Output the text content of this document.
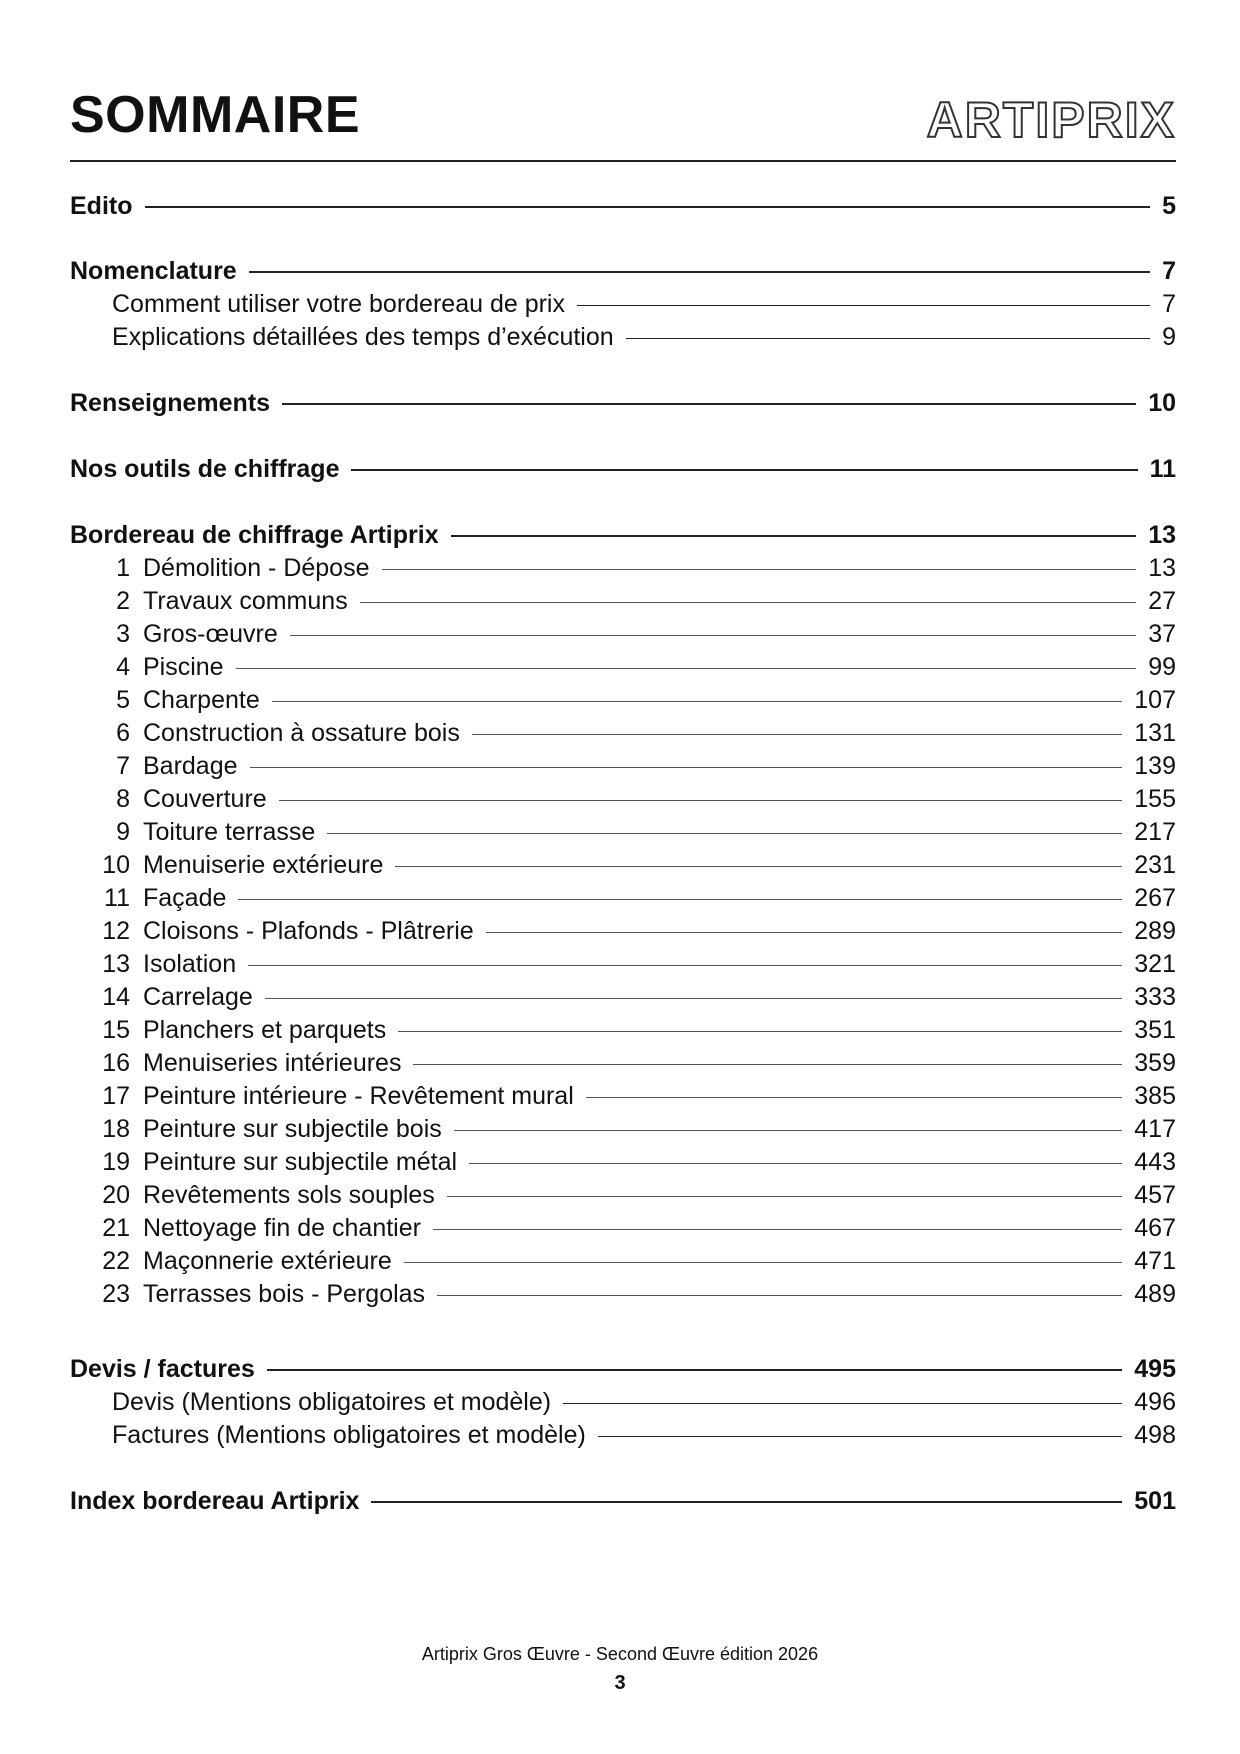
SOMMAIRE	ARTIPRIX
Edito	5
Nomenclature	7
Comment utiliser votre bordereau de prix	7
Explications détaillées des temps d’exécution	9
Renseignements	10
Nos outils de chiffrage	11
Bordereau de chiffrage Artiprix	13
1 Démolition - Dépose	13
2 Travaux communs	27
3 Gros-œuvre	37
4 Piscine	99
5 Charpente	107
6 Construction à ossature bois	131
7 Bardage	139
8 Couverture	155
9 Toiture terrasse	217
10 Menuiserie extérieure	231
11 Façade	267
12 Cloisons - Plafonds - Plâtrerie	289
13 Isolation	321
14 Carrelage	333
15 Planchers et parquets	351
16 Menuiseries intérieures	359
17 Peinture intérieure - Revêtement mural	385
18 Peinture sur subjectile bois	417
19 Peinture sur subjectile métal	443
20 Revêtements sols souples	457
21 Nettoyage fin de chantier	467
22 Maçonnerie extérieure	471
23 Terrasses bois - Pergolas	489
Devis / factures	495
Devis (Mentions obligatoires et modèle)	496
Factures (Mentions obligatoires et modèle)	498
Index bordereau Artiprix	501
Artiprix Gros Œuvre - Second Œuvre édition 2026
3
